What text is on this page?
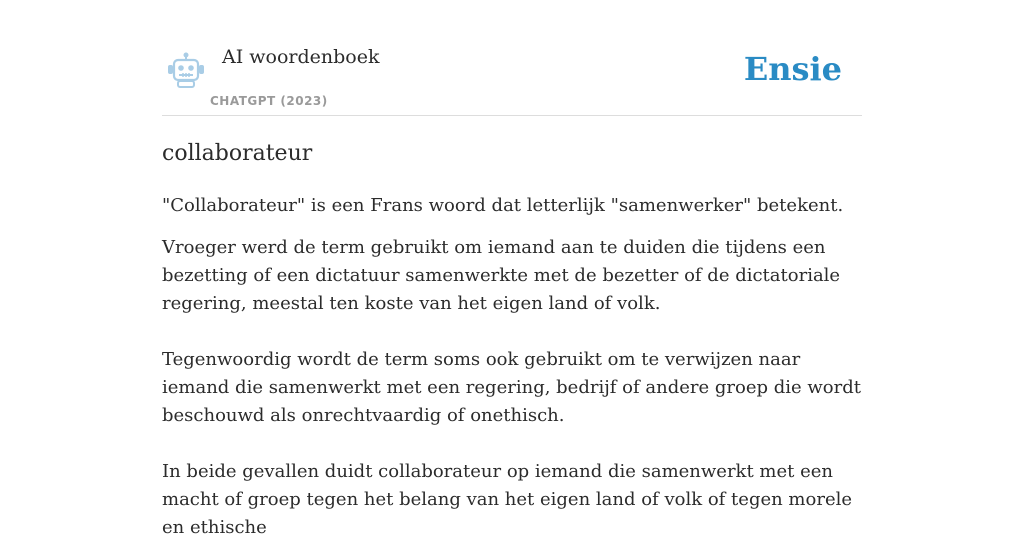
AI woordenboek
CHATGPT (2023)
Ensie
collaborateur

"Collaborateur" is een Frans woord dat letterlijk "samenwerker" betekent.

Vroeger werd de term gebruikt om iemand aan te duiden die tijdens een bezetting of een dictatuur samenwerkte met de bezetter of de dictatoriale regering, meestal ten koste van het eigen land of volk.

Tegenwoordig wordt de term soms ook gebruikt om te verwijzen naar iemand die samenwerkt met een regering, bedrijf of andere groep die wordt beschouwd als onrechtvaardig of onethisch.

In beide gevallen duidt collaborateur op iemand die samenwerkt met een macht of groep tegen het belang van het eigen land of volk of tegen morele en ethische
